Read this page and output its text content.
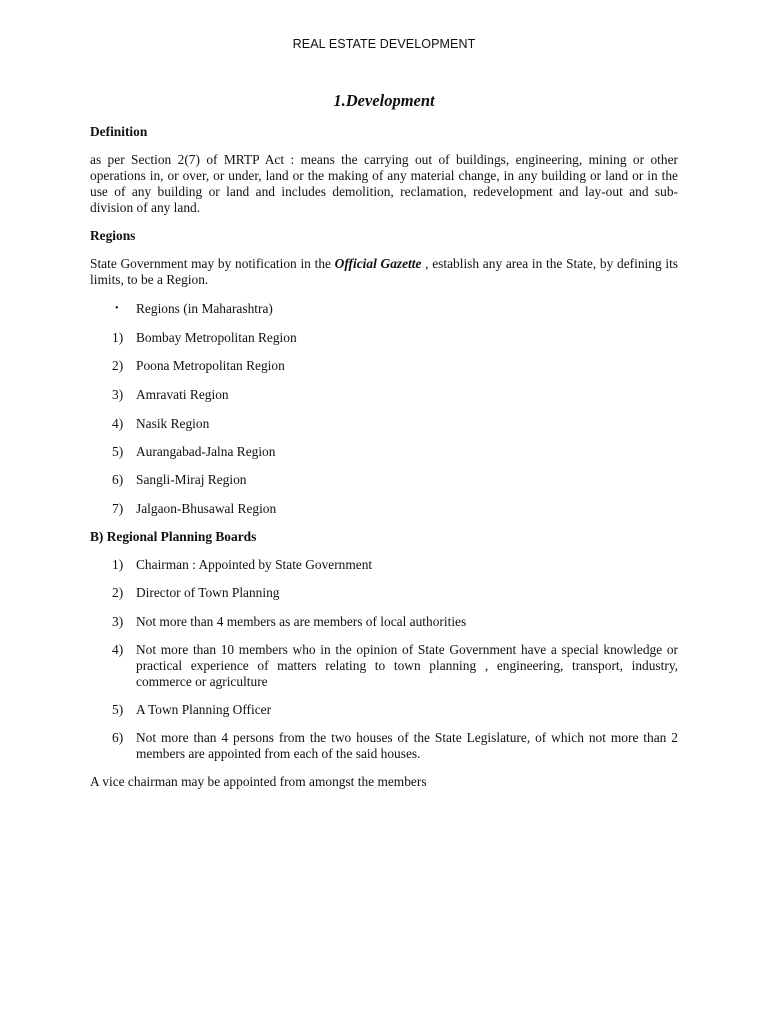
REAL ESTATE DEVELOPMENT
1.Development

Definition

as per Section 2(7) of MRTP Act : means the carrying out of buildings, engineering, mining or other operations in, or over, or under, land or the making of any material change, in any building or land or in the use of any building or land and includes demolition, reclamation, redevelopment and lay-out and sub-division of any land.

Regions

State Government may by notification in the Official Gazette , establish any area in the State, by defining its limits, to be a Region.

• Regions (in Maharashtra)

1) Bombay Metropolitan Region

2) Poona Metropolitan Region

3) Amravati Region

4) Nasik Region

5) Aurangabad-Jalna Region

6) Sangli-Miraj Region

7) Jalgaon-Bhusawal Region

B) Regional Planning Boards

1) Chairman : Appointed by State Government

2) Director of Town Planning

3) Not more than 4 members as are members of local authorities

4) Not more than 10 members who in the opinion of State Government have a special knowledge or practical experience of matters relating to town planning , engineering, transport, industry, commerce or agriculture

5) A Town Planning Officer

6) Not more than 4 persons from the two houses of the State Legislature, of which not more than 2 members are appointed from each of the said houses.

A vice chairman may be appointed from amongst the members
